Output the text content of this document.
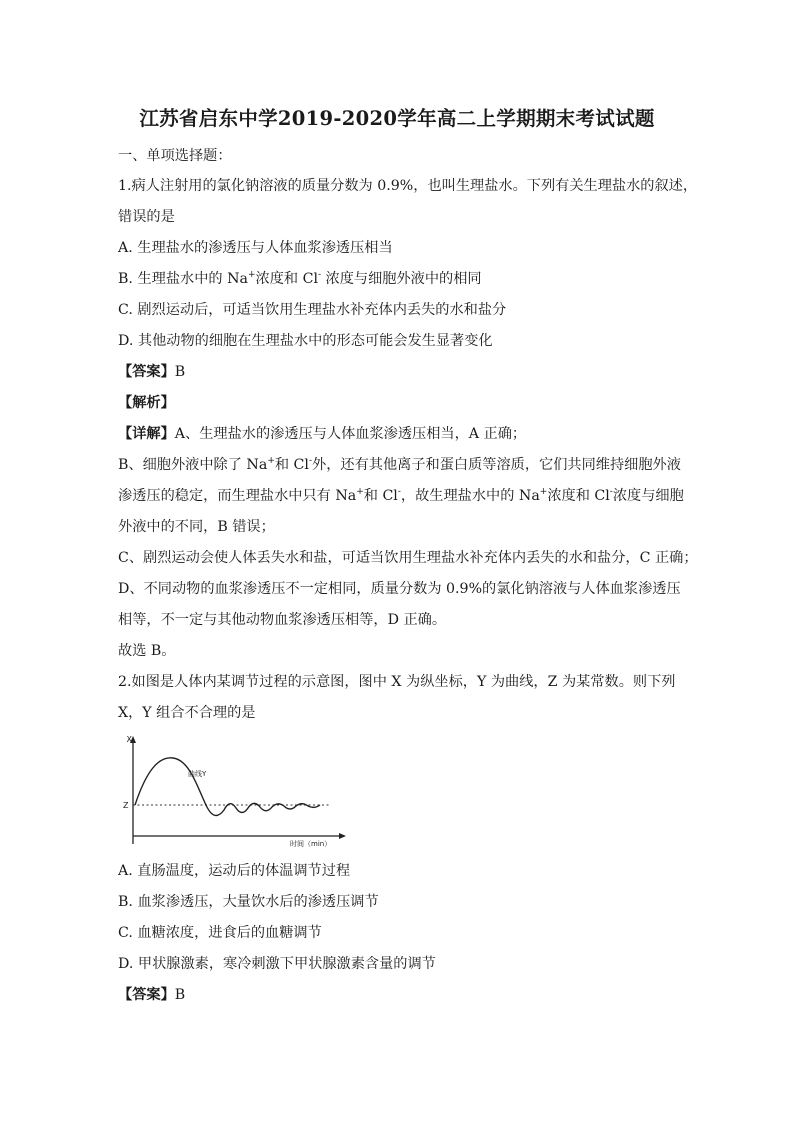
江苏省启东中学2019-2020学年高二上学期期末考试试题
一、单项选择题：
1.病人注射用的氯化钠溶液的质量分数为 0.9%，也叫生理盐水。下列有关生理盐水的叙述，
错误的是
A. 生理盐水的渗透压与人体血浆渗透压相当
B. 生理盐水中的 Na+浓度和 Cl- 浓度与细胞外液中的相同
C. 剧烈运动后，可适当饮用生理盐水补充体内丢失的水和盐分
D. 其他动物的细胞在生理盐水中的形态可能会发生显著变化
【答案】B
【解析】
【详解】A、生理盐水的渗透压与人体血浆渗透压相当，A 正确；
B、细胞外液中除了 Na+和 Cl-外，还有其他离子和蛋白质等溶质，它们共同维持细胞外液
渗透压的稳定，而生理盐水中只有 Na+和 Cl-，故生理盐水中的 Na+浓度和 Cl-浓度与细胞
外液中的不同，B 错误；
C、剧烈运动会使人体丢失水和盐，可适当饮用生理盐水补充体内丢失的水和盐分，C 正确；
D、不同动物的血浆渗透压不一定相同，质量分数为 0.9%的氯化钠溶液与人体血浆渗透压
相等，不一定与其他动物血浆渗透压相等，D 正确。
故选 B。
2.如图是人体内某调节过程的示意图，图中 X 为纵坐标，Y 为曲线，Z 为某常数。则下列
X，Y 组合不合理的是
X
Z
曲线Y
时间（min）
A. 直肠温度，运动后的体温调节过程
B. 血浆渗透压，大量饮水后的渗透压调节
C. 血糖浓度，进食后的血糖调节
D. 甲状腺激素，寒冷刺激下甲状腺激素含量的调节
【答案】B
